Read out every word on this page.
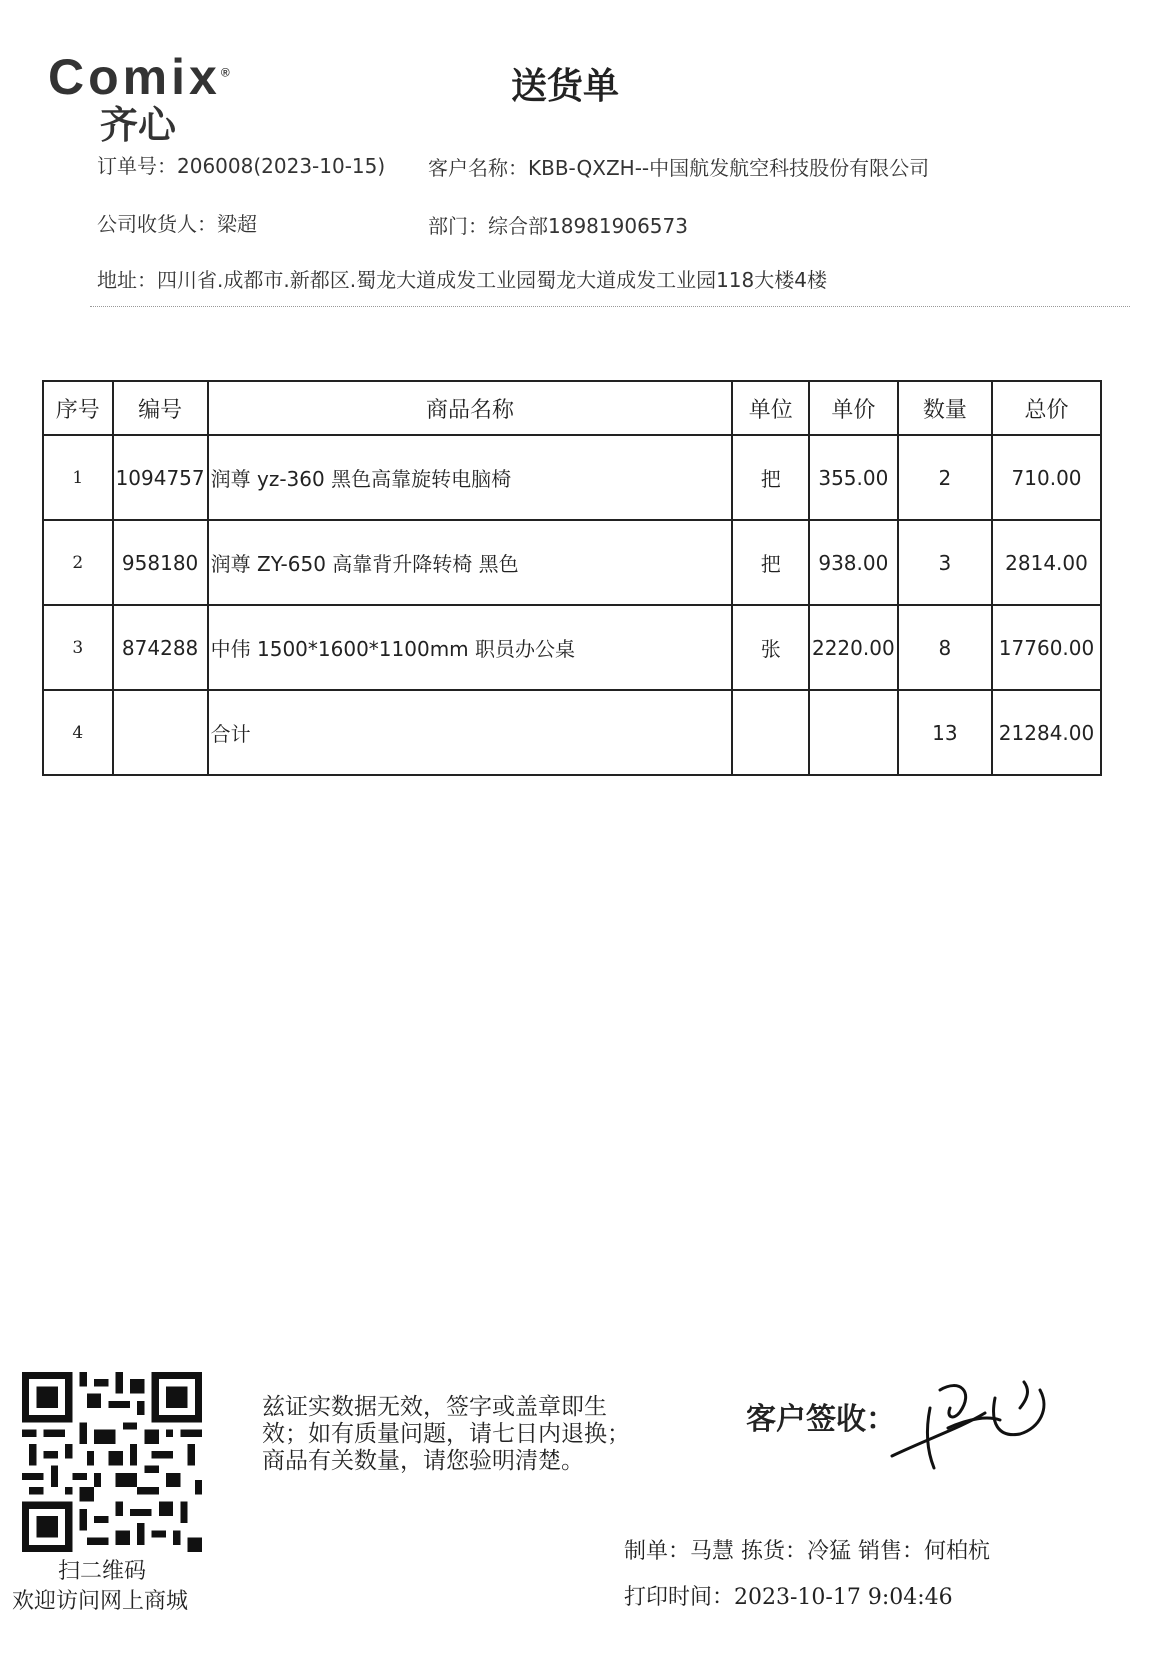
Comix®
齐心
送货单
订单号：206008(2023-10-15) 客户名称：KBB-QXZH--中国航发航空科技股份有限公司
公司收货人：梁超	部门：综合部18981906573
地址：四川省.成都市.新都区.蜀龙大道成发工业园蜀龙大道成发工业园118大楼4楼
序号	编号	商品名称	单位	单价	数量	总价
1	1094757	润尊 yz-360 黑色高靠旋转电脑椅	把	355.00	2	710.00
2	958180	润尊 ZY-650 高靠背升降转椅 黑色	把	938.00	3	2814.00
3	874288	中伟 1500*1600*1100mm 职员办公桌	张	2220.00	8	17760.00
4		合计			13	21284.00
扫二维码
欢迎访问网上商城
兹证实数据无效，签字或盖章即生
效；如有质量问题，请七日内退换；
商品有关数量，请您验明清楚。
客户签收：
制单：马慧 拣货：冷猛 销售：何柏杭
打印时间：2023-10-17 9:04:46
